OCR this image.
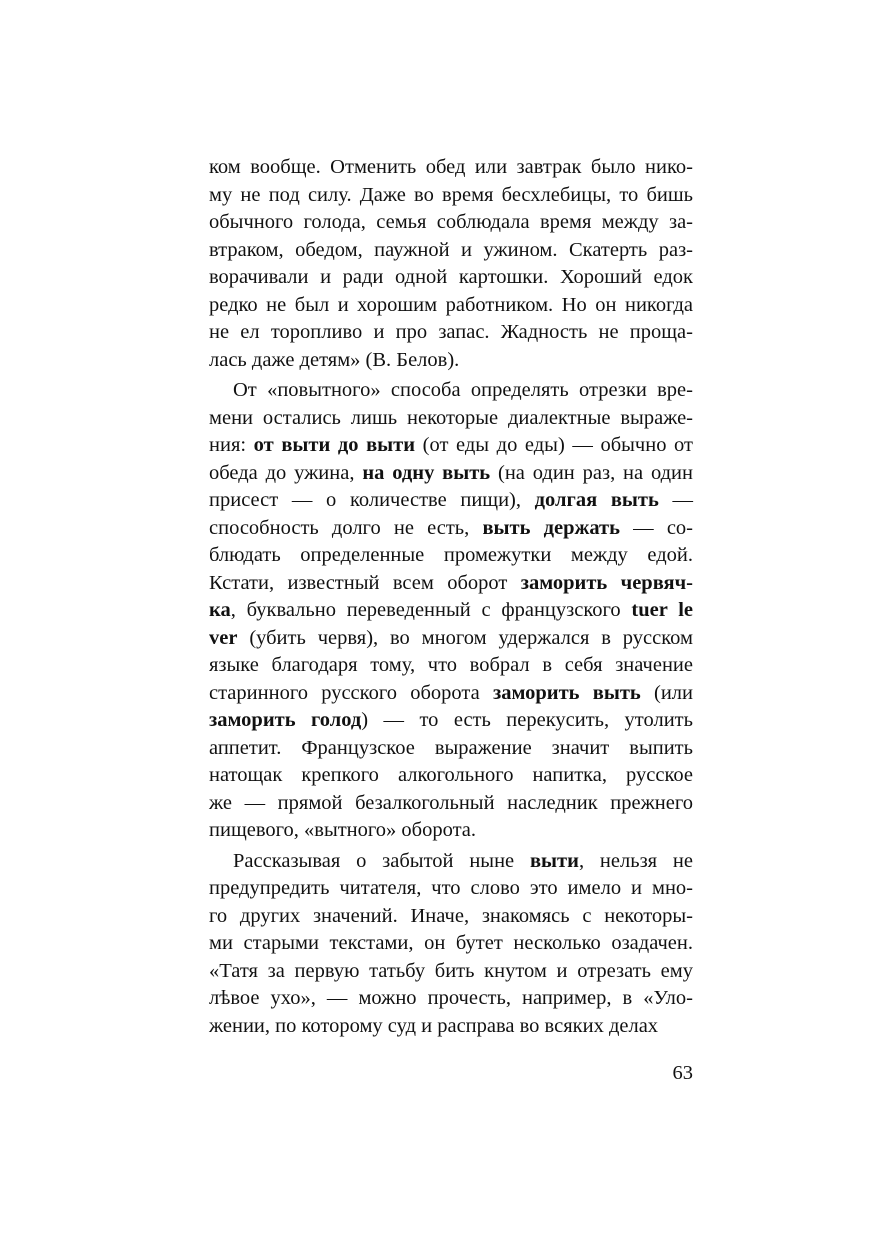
ком вообще. Отменить обед или завтрак было нико-
му не под силу. Даже во время бесхлебицы, то бишь
обычного голода, семья соблюдала время между за-
втраком, обедом, паужной и ужином. Скатерть раз-
ворачивали и ради одной картошки. Хороший едок
редко не был и хорошим работником. Но он никогда
не ел торопливо и про запас. Жадность не проща-
лась даже детям» (В. Белов).
От «повытного» способа определять отрезки вре-
мени остались лишь некоторые диалектные выраже-
ния: от выти до выти (от еды до еды) — обычно от
обеда до ужина, на одну выть (на один раз, на один
присест — о количестве пищи), долгая выть —
способность долго не есть, выть держать — со-
блюдать определенные промежутки между едой.
Кстати, известный всем оборот заморить червяч-
ка, буквально переведенный с французского tuer le
ver (убить червя), во многом удержался в русском
языке благодаря тому, что вобрал в себя значение
старинного русского оборота заморить выть (или
заморить голод) — то есть перекусить, утолить
аппетит. Французское выражение значит выпить
натощак крепкого алкогольного напитка, русское
же — прямой безалкогольный наследник прежнего
пищевого, «вытного» оборота.
Рассказывая о забытой ныне выти, нельзя не
предупредить читателя, что слово это имело и мно-
го других значений. Иначе, знакомясь с некоторы-
ми старыми текстами, он бутет несколько озадачен.
«Татя за первую татьбу бить кнутом и отрезать ему
лѣвое ухо», — можно прочесть, например, в «Уло-
жении, по которому суд и расправа во всяких делах
63
